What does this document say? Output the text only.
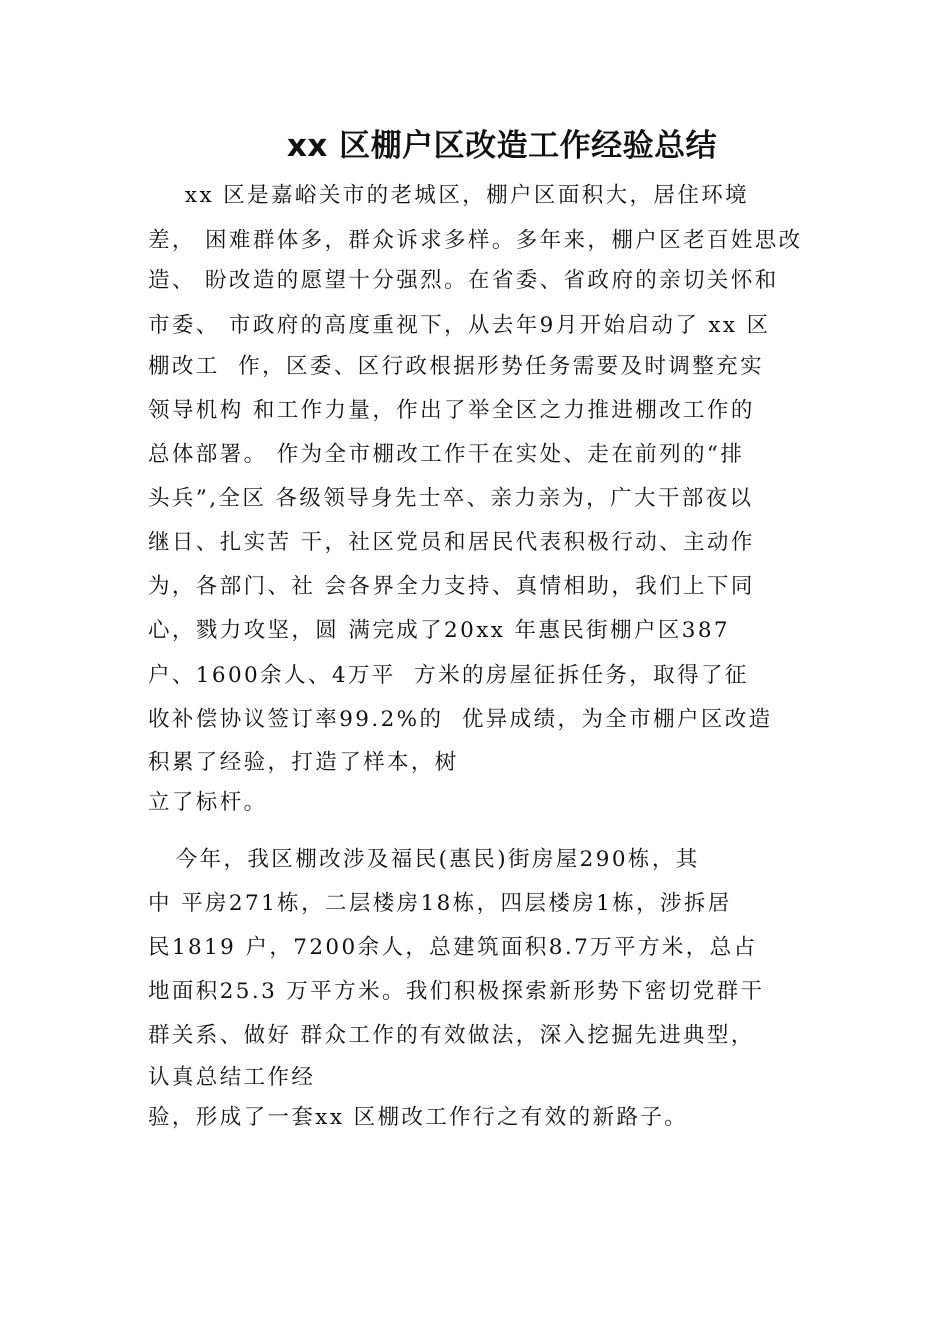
xx 区棚户区改造工作经验总结
xx 区是嘉峪关市的老城区，棚户区面积大，居住环境
差， 困难群体多，群众诉求多样。多年来，棚户区老百姓思改
造、 盼改造的愿望十分强烈。在省委、省政府的亲切关怀和
市委、 市政府的高度重视下，从去年9月开始启动了 xx 区
棚改工  作，区委、区行政根据形势任务需要及时调整充实
领导机构 和工作力量，作出了举全区之力推进棚改工作的
总体部署。 作为全市棚改工作干在实处、走在前列的“排
头兵”,全区 各级领导身先士卒、亲力亲为，广大干部夜以
继日、扎实苦 干，社区党员和居民代表积极行动、主动作
为，各部门、社 会各界全力支持、真情相助，我们上下同
心，戮力攻坚，圆 满完成了20xx 年惠民街棚户区387
户、1600余人、4万平  方米的房屋征拆任务，取得了征
收补偿协议签订率99.2%的  优异成绩，为全市棚户区改造
积累了经验，打造了样本，树
立了标杆。
今年，我区棚改涉及福民(惠民)街房屋290栋，其
中 平房271栋，二层楼房18栋，四层楼房1栋，涉拆居
民1819 户，7200余人，总建筑面积8.7万平方米，总占
地面积25.3 万平方米。我们积极探索新形势下密切党群干
群关系、做好 群众工作的有效做法，深入挖掘先进典型，
认真总结工作经
验，形成了一套xx 区棚改工作行之有效的新路子。
